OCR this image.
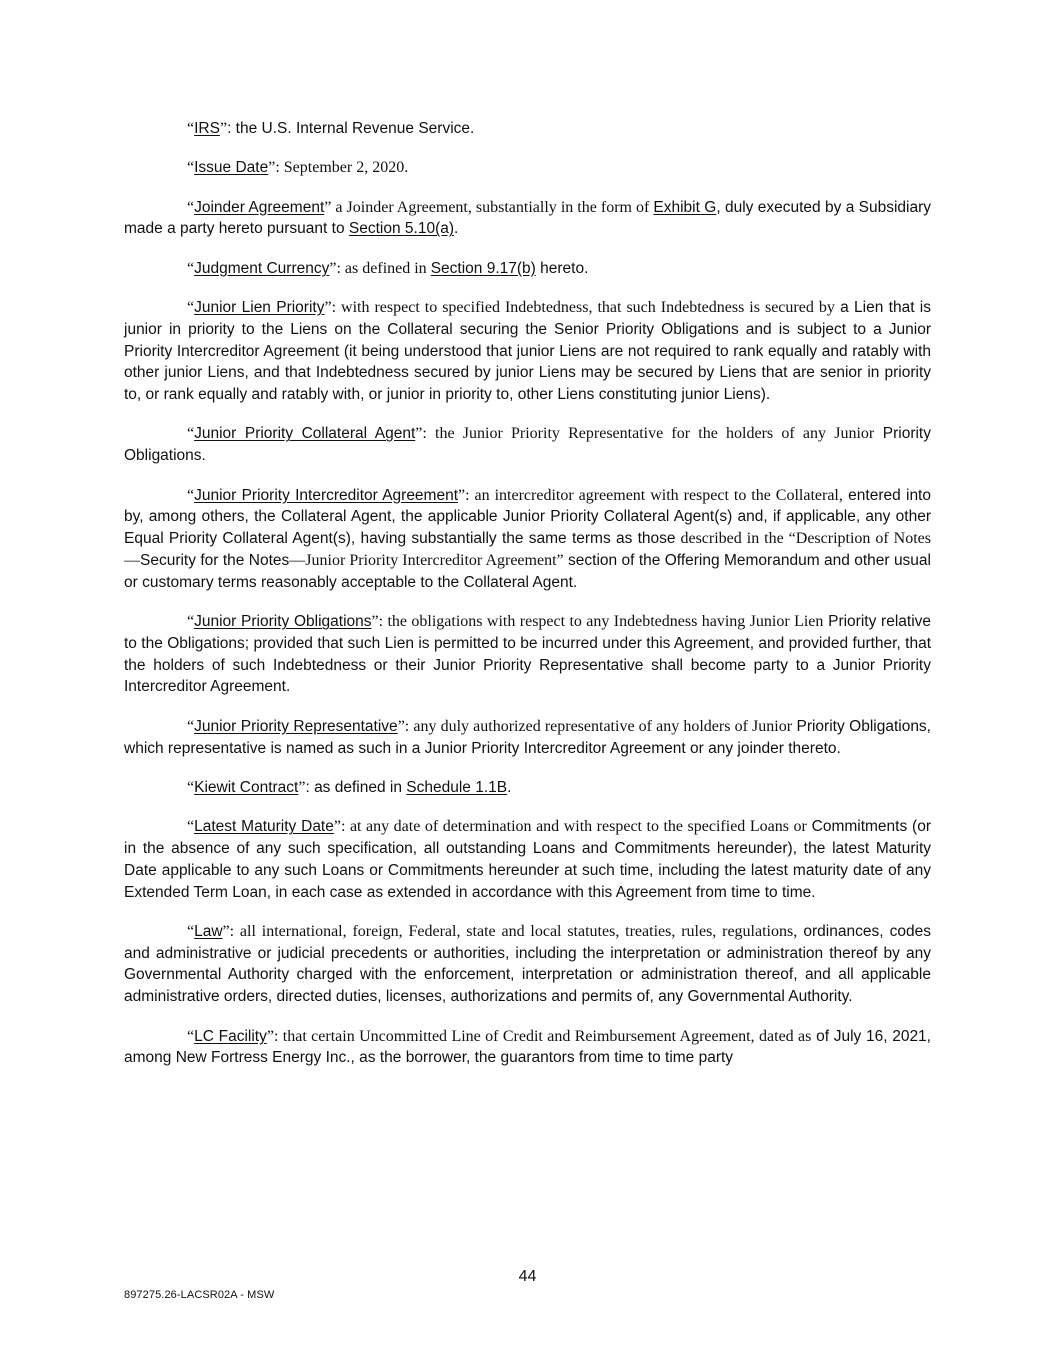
“IRS”: the U.S. Internal Revenue Service.

“Issue Date”: September 2, 2020.

“Joinder Agreement” a Joinder Agreement, substantially in the form of Exhibit G, duly executed by a Subsidiary made a party hereto pursuant to Section 5.10(a).

“Judgment Currency”: as defined in Section 9.17(b) hereto.

“Junior Lien Priority”: with respect to specified Indebtedness, that such Indebtedness is secured by a Lien that is junior in priority to the Liens on the Collateral securing the Senior Priority Obligations and is subject to a Junior Priority Intercreditor Agreement (it being understood that junior Liens are not required to rank equally and ratably with other junior Liens, and that Indebtedness secured by junior Liens may be secured by Liens that are senior in priority to, or rank equally and ratably with, or junior in priority to, other Liens constituting junior Liens).

“Junior Priority Collateral Agent”: the Junior Priority Representative for the holders of any Junior Priority Obligations.

“Junior Priority Intercreditor Agreement”: an intercreditor agreement with respect to the Collateral, entered into by, among others, the Collateral Agent, the applicable Junior Priority Collateral Agent(s) and, if applicable, any other Equal Priority Collateral Agent(s), having substantially the same terms as those described in the “Description of Notes—Security for the Notes—Junior Priority Intercreditor Agreement” section of the Offering Memorandum and other usual or customary terms reasonably acceptable to the Collateral Agent.

“Junior Priority Obligations”: the obligations with respect to any Indebtedness having Junior Lien Priority relative to the Obligations; provided that such Lien is permitted to be incurred under this Agreement, and provided further, that the holders of such Indebtedness or their Junior Priority Representative shall become party to a Junior Priority Intercreditor Agreement.

“Junior Priority Representative”: any duly authorized representative of any holders of Junior Priority Obligations, which representative is named as such in a Junior Priority Intercreditor Agreement or any joinder thereto.

“Kiewit Contract”: as defined in Schedule 1.1B.

“Latest Maturity Date”: at any date of determination and with respect to the specified Loans or Commitments (or in the absence of any such specification, all outstanding Loans and Commitments hereunder), the latest Maturity Date applicable to any such Loans or Commitments hereunder at such time, including the latest maturity date of any Extended Term Loan, in each case as extended in accordance with this Agreement from time to time.

“Law”: all international, foreign, Federal, state and local statutes, treaties, rules, regulations, ordinances, codes and administrative or judicial precedents or authorities, including the interpretation or administration thereof by any Governmental Authority charged with the enforcement, interpretation or administration thereof, and all applicable administrative orders, directed duties, licenses, authorizations and permits of, any Governmental Authority.

“LC Facility”: that certain Uncommitted Line of Credit and Reimbursement Agreement, dated as of July 16, 2021, among New Fortress Energy Inc., as the borrower, the guarantors from time to time party

44
897275.26-LACSR02A - MSW
